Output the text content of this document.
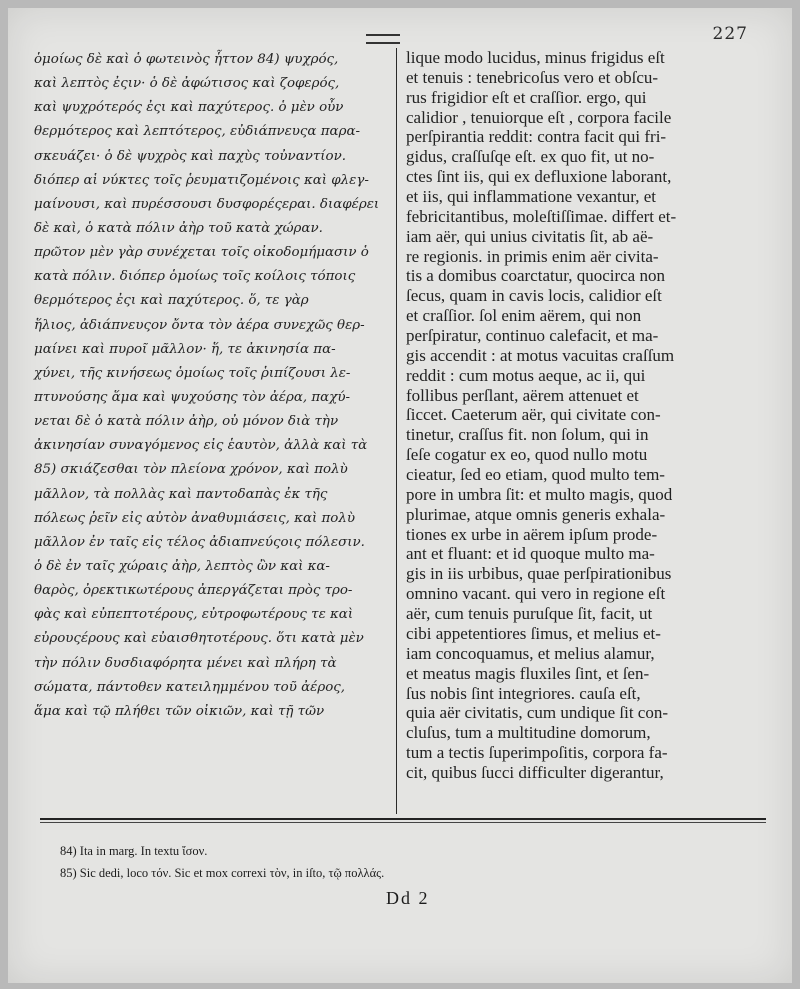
227
ὁμοίως δὲ καὶ ὁ φωτεινὸς ἧττον 84) ψυχρός,
καὶ λεπτὸς ἐςιν· ὁ δὲ ἀφώτισος καὶ ζοφερός,
καὶ ψυχρότερός ἐςι καὶ παχύτερος. ὁ μὲν οὖν
θερμότερος καὶ λεπτότερος, εὐδιάπνευςα παρα-
σκευάζει· ὁ δὲ ψυχρὸς καὶ παχὺς τοὐναντίον.
διόπερ αἱ νύκτες τοῖς ῥευματιζομένοις καὶ φλεγ-
μαίνουσι, καὶ πυρέσσουσι δυσφορέςεραι. διαφέρει
δὲ καὶ, ὁ κατὰ πόλιν ἀὴρ τοῦ κατὰ χώραν.
πρῶτον μὲν γὰρ συνέχεται τοῖς οἰκοδομήμασιν ὁ
κατὰ πόλιν. διόπερ ὁμοίως τοῖς κοίλοις τόποις
θερμότερος ἐςι καὶ παχύτερος. ὅ, τε γὰρ
ἥλιος, ἀδιάπνευςον ὄντα τὸν ἀέρα συνεχῶς θερ-
μαίνει καὶ πυροῖ μᾶλλον· ἥ, τε ἀκινησία πα-
χύνει, τῆς κινήσεως ὁμοίως τοῖς ῥιπίζουσι λε-
πτυνούσης ἅμα καὶ ψυχούσης τὸν ἀέρα, παχύ-
νεται δὲ ὁ κατὰ πόλιν ἀὴρ, οὐ μόνον διὰ τὴν
ἀκινησίαν συναγόμενος εἰς ἑαυτὸν, ἀλλὰ καὶ τὰ
85) σκιάζεσθαι τὸν πλείονα χρόνον, καὶ πολὺ
μᾶλλον, τὰ πολλὰς καὶ παντοδαπὰς ἐκ τῆς
πόλεως ῥεῖν εἰς αὐτὸν ἀναθυμιάσεις, καὶ πολὺ
μᾶλλον ἐν ταῖς εἰς τέλος ἀδιαπνεύςοις πόλεσιν.
ὁ δὲ ἐν ταῖς χώραις ἀὴρ, λεπτὸς ὢν καὶ κα-
θαρὸς, ὀρεκτικωτέρους ἀπεργάζεται πρὸς τρο-
φὰς καὶ εὐπεπτοτέρους, εὐτροφωτέρους τε καὶ
εὐρουςέρους καὶ εὐαισθητοτέρους. ὅτι κατὰ μὲν
τὴν πόλιν δυσδιαφόρητα μένει καὶ πλήρη τὰ
σώματα, πάντοθεν κατειλημμένου τοῦ ἀέρος,
ἅμα καὶ τῷ πλήθει τῶν οἰκιῶν, καὶ τῇ τῶν
lique modo lucidus, minus frigidus eſt
et tenuis : tenebricoſus vero et obſcu-
rus frigidior eſt et craſſior. ergo, qui
calidior , tenuiorque eſt , corpora facile
perſpirantia reddit: contra facit qui fri-
gidus, craſſuſqe eſt. ex quo fit, ut no-
ctes ſint iis, qui ex defluxione laborant,
et iis, qui inflammatione vexantur, et
febricitantibus, moleſtiſſimae. differt et-
iam aër, qui unius civitatis ſit, ab aë-
re regionis. in primis enim aër civita-
tis a domibus coarctatur, quocirca non
ſecus, quam in cavis locis, calidior eſt
et craſſior. ſol enim aërem, qui non
perſpiratur, continuo calefacit, et ma-
gis accendit : at motus vacuitas craſſum
reddit : cum motus aeque, ac ii, qui
follibus perſlant, aërem attenuet et
ſiccet. Caeterum aër, qui civitate con-
tinetur, craſſus fit. non ſolum, qui in
ſeſe cogatur ex eo, quod nullo motu
cieatur, ſed eo etiam, quod multo tem-
pore in umbra ſit: et multo magis, quod
plurimae, atque omnis generis exhala-
tiones ex urbe in aërem ipſum prode-
ant et fluant: et id quoque multo ma-
gis in iis urbibus, quae perſpirationibus
omnino vacant. qui vero in regione eſt
aër, cum tenuis puruſque ſit, facit, ut
cibi appetentiores ſimus, et melius et-
iam concoquamus, et melius alamur,
et meatus magis fluxiles ſint, et ſen-
ſus nobis ſint integriores. cauſa eſt,
quia aër civitatis, cum undique ſit con-
cluſus, tum a multitudine domorum,
tum a tectis ſuperimpoſitis, corpora fa-
cit, quibus ſucci difficulter digerantur,
84) Ita in marg. In textu ἴσον.
85) Sic dedi, loco τόν. Sic et mox correxi τὸν, in iſto, τῷ πολλάς.
Dd 2
